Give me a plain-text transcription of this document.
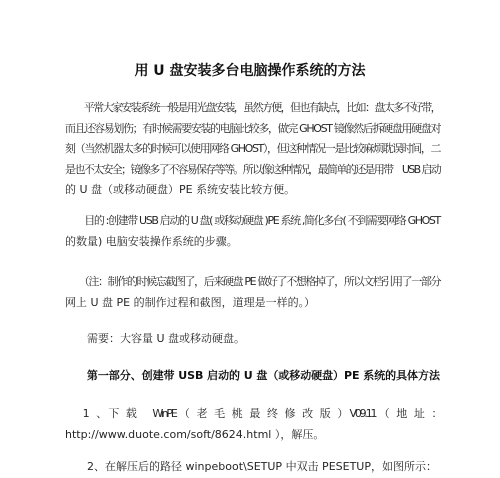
用 U 盘安装多台电脑操作系统的方法

　　平常大家安装系统一般是用光盘安装，虽然方便，但也有缺点，比如：盘太多不好带，
而且还容易划伤；有时候需要安装的电脑比较多，做完 GHOST 镜像然后拆硬盘用硬盘对
刻（当然机器太多的时候可以使用网络 GHOST），但这种情况一是比较麻烦耽误时间，二
是也不太安全；镜像多了不容易保存等等。所以像这种情况，最简单的还是用带　USB 启动
的 U 盘（或移动硬盘）PE 系统安装比较方便。

　　目的 :创建带 USB 启动的 U 盘( 或移动硬盘 )PE 系统 ,简化多台( 不到需要网络 GHOST
的数量) 电脑安装操作系统的步骤。

　　（注：制作的时候忘截图了，后来硬盘 PE 做好了不想格掉了，所以文档引用了一部分
网上 U 盘 PE 的制作过程和截图，道理是一样的。）

　　需要：大容量 U 盘或移动硬盘。

　　第一部分、创建带 USB 启动的 U 盘（或移动硬盘）PE 系统的具体方法

　　1　、　下　载　　WinPE　（　老　毛　桃　最　终　修　改　版　）　V09.11　（　地　址　：
http://www.duote.com/soft/8624.html ），解压。

　　2、在解压后的路径 winpeboot\SETUP 中双击 PESETUP，如图所示：
